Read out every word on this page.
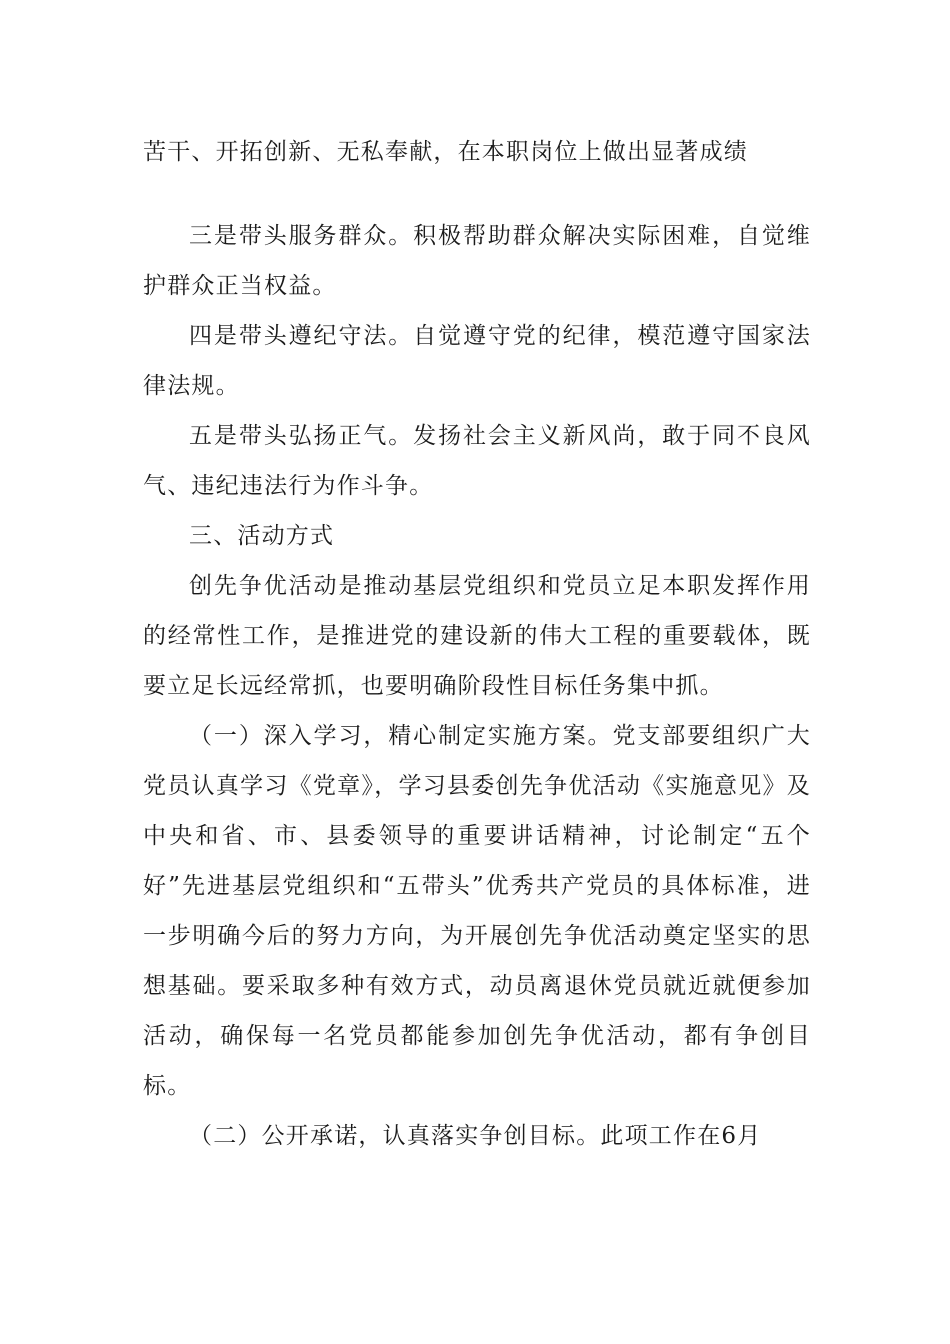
苦干、开拓创新、无私奉献，在本职岗位上做出显著成绩

三是带头服务群众。积极帮助群众解决实际困难，自觉维护群众正当权益。

四是带头遵纪守法。自觉遵守党的纪律，模范遵守国家法律法规。

五是带头弘扬正气。发扬社会主义新风尚，敢于同不良风气、违纪违法行为作斗争。

三、活动方式

创先争优活动是推动基层党组织和党员立足本职发挥作用的经常性工作，是推进党的建设新的伟大工程的重要载体，既要立足长远经常抓，也要明确阶段性目标任务集中抓。

（一）深入学习，精心制定实施方案。党支部要组织广大党员认真学习《党章》，学习县委创先争优活动《实施意见》及中央和省、市、县委领导的重要讲话精神，讨论制定“五个好”先进基层党组织和“五带头”优秀共产党员的具体标准，进一步明确今后的努力方向，为开展创先争优活动奠定坚实的思想基础。要采取多种有效方式，动员离退休党员就近就便参加活动，确保每一名党员都能参加创先争优活动，都有争创目标。

（二）公开承诺，认真落实争创目标。此项工作在6月
